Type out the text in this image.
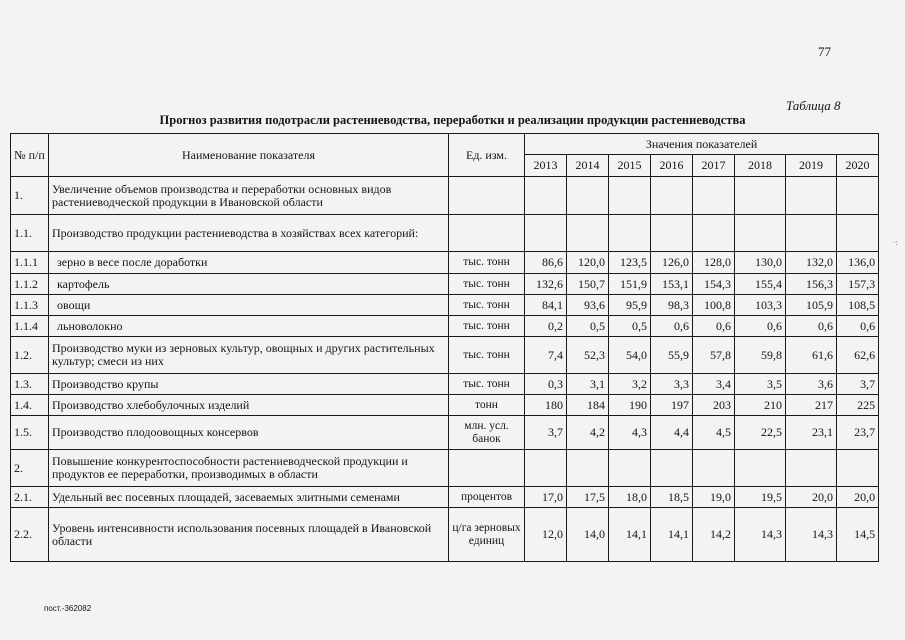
77
Таблица 8
Прогноз развития подотрасли растениеводства, переработки и реализации продукции растениеводства
№ п/п	Наименование показателя	Ед. изм.	Значения показателей							
			2013	2014	2015	2016	2017	2018	2019	2020
1.	Увеличение объемов производства и переработки основных видов растениеводческой продукции в Ивановской области									
1.1.	Производство продукции растениеводства в хозяйствах всех категорий:									
1.1.1	зерно в весе после доработки	тыс. тонн	86,6	120,0	123,5	126,0	128,0	130,0	132,0	136,0
1.1.2	картофель	тыс. тонн	132,6	150,7	151,9	153,1	154,3	155,4	156,3	157,3
1.1.3	овощи	тыс. тонн	84,1	93,6	95,9	98,3	100,8	103,3	105,9	108,5
1.1.4	льноволокно	тыс. тонн	0,2	0,5	0,5	0,6	0,6	0,6	0,6	0,6
1.2.	Производство муки из зерновых культур, овощных и других растительных культур; смеси из них	тыс. тонн	7,4	52,3	54,0	55,9	57,8	59,8	61,6	62,6
1.3.	Производство крупы	тыс. тонн	0,3	3,1	3,2	3,3	3,4	3,5	3,6	3,7
1.4.	Производство хлебобулочных изделий	тонн	180	184	190	197	203	210	217	225
1.5.	Производство плодоовощных консервов	млн. усл. банок	3,7	4,2	4,3	4,4	4,5	22,5	23,1	23,7
2.	Повышение конкурентоспособности растениеводческой продукции и продуктов ее переработки, производимых в области									
2.1.	Удельный вес посевных площадей, засеваемых элитными семенами	процентов	17,0	17,5	18,0	18,5	19,0	19,5	20,0	20,0
2.2.	Уровень интенсивности использования посевных площадей в Ивановской области	ц/га зерновых единиц	12,0	14,0	14,1	14,1	14,2	14,3	14,3	14,5
пост.-362082
·:
